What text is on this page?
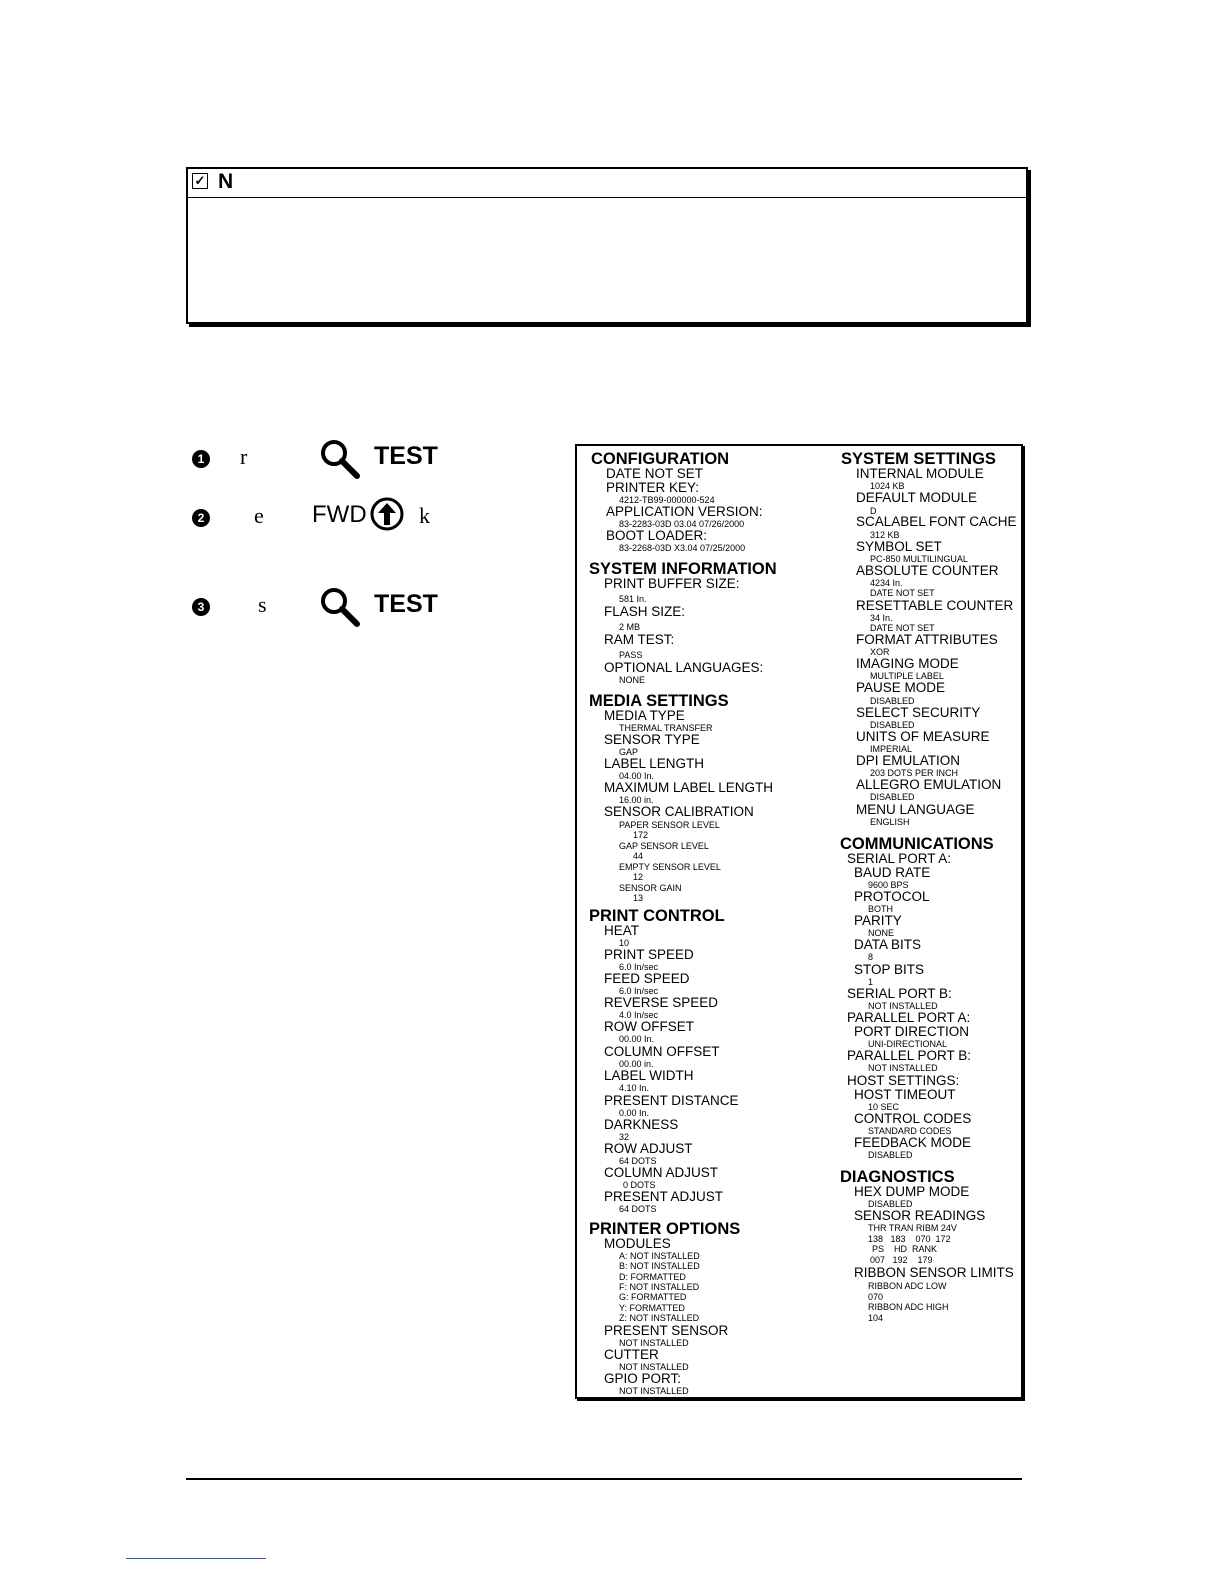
✓ N
1 r	TEST
2 e FWD k
3 s	TEST
CONFIGURATION
DATE NOT SET
PRINTER KEY:
4212-TB99-000000-524
APPLICATION VERSION:
83-2283-03D 03.04 07/26/2000
BOOT LOADER:
83-2268-03D X3.04 07/25/2000
SYSTEM INFORMATION
PRINT BUFFER SIZE:
581 In.
FLASH SIZE:
2 MB
RAM TEST:
PASS
OPTIONAL LANGUAGES:
NONE
MEDIA SETTINGS
MEDIA TYPE
THERMAL TRANSFER
SENSOR TYPE
GAP
LABEL LENGTH
04.00 In.
MAXIMUM LABEL LENGTH
16.00 in.
SENSOR CALIBRATION
PAPER SENSOR LEVEL
172
GAP SENSOR LEVEL
44
EMPTY SENSOR LEVEL
12
SENSOR GAIN
13
PRINT CONTROL
HEAT
10
PRINT SPEED
6.0 In/sec
FEED SPEED
6.0 In/sec
REVERSE SPEED
4.0 In/sec
ROW OFFSET
00.00 In.
COLUMN OFFSET
00.00 in.
LABEL WIDTH
4.10 In.
PRESENT DISTANCE
0.00 In.
DARKNESS
32
ROW ADJUST
64 DOTS
COLUMN ADJUST
0 DOTS
PRESENT ADJUST
64 DOTS
PRINTER OPTIONS
MODULES
A: NOT INSTALLED
B: NOT INSTALLED
D: FORMATTED
F: NOT INSTALLED
G: FORMATTED
Y: FORMATTED
Z: NOT INSTALLED
PRESENT SENSOR
NOT INSTALLED
CUTTER
NOT INSTALLED
GPIO PORT:
NOT INSTALLED
SYSTEM SETTINGS
INTERNAL MODULE
1024 KB
DEFAULT MODULE
D
SCALABEL FONT CACHE
312 KB
SYMBOL SET
PC-850 MULTILINGUAL
ABSOLUTE COUNTER
4234 In.
DATE NOT SET
RESETTABLE COUNTER
34 In.
DATE NOT SET
FORMAT ATTRIBUTES
XOR
IMAGING MODE
MULTIPLE LABEL
PAUSE MODE
DISABLED
SELECT SECURITY
DISABLED
UNITS OF MEASURE
IMPERIAL
DPI EMULATION
203 DOTS PER INCH
ALLEGRO EMULATION
DISABLED
MENU LANGUAGE
ENGLISH
COMMUNICATIONS
SERIAL PORT A:
BAUD RATE
9600 BPS
PROTOCOL
BOTH
PARITY
NONE
DATA BITS
8
STOP BITS
1
SERIAL PORT B:
NOT INSTALLED
PARALLEL PORT A:
PORT DIRECTION
UNI-DIRECTIONAL
PARALLEL PORT B:
NOT INSTALLED
HOST SETTINGS:
HOST TIMEOUT
10 SEC
CONTROL CODES
STANDARD CODES
FEEDBACK MODE
DISABLED
DIAGNOSTICS
HEX DUMP MODE
DISABLED
SENSOR READINGS
THR TRAN RIBM 24V
138   183    070  172
PS    HD  RANK
007   192    179
RIBBON SENSOR LIMITS
RIBBON ADC LOW
070
RIBBON ADC HIGH
104
